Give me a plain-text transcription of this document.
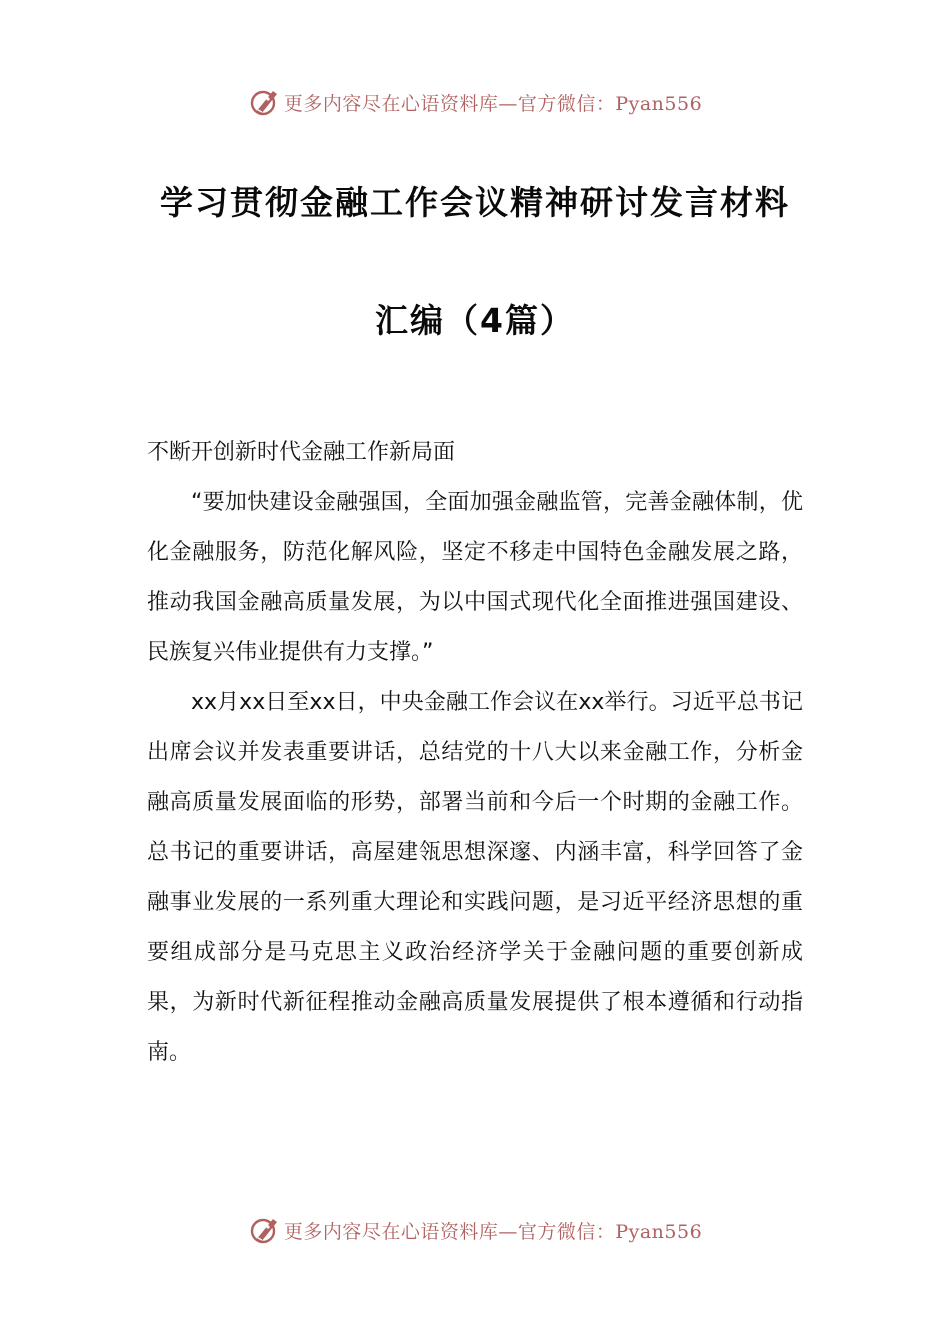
更多内容尽在心语资料库—官方微信：Pyan556
学习贯彻金融工作会议精神研讨发言材料
汇编（4篇）

不断开创新时代金融工作新局面

“要加快建设金融强国，全面加强金融监管，完善金融体制，优化金融服务，防范化解风险，坚定不移走中国特色金融发展之路，推动我国金融高质量发展，为以中国式现代化全面推进强国建设、民族复兴伟业提供有力支撑。”

xx月xx日至xx日，中央金融工作会议在xx举行。习近平总书记出席会议并发表重要讲话，总结党的十八大以来金融工作，分析金融高质量发展面临的形势，部署当前和今后一个时期的金融工作。总书记的重要讲话，高屋建瓴思想深邃、内涵丰富，科学回答了金融事业发展的一系列重大理论和实践问题，是习近平经济思想的重要组成部分是马克思主义政治经济学关于金融问题的重要创新成果，为新时代新征程推动金融高质量发展提供了根本遵循和行动指南。

更多内容尽在心语资料库—官方微信：Pyan556
